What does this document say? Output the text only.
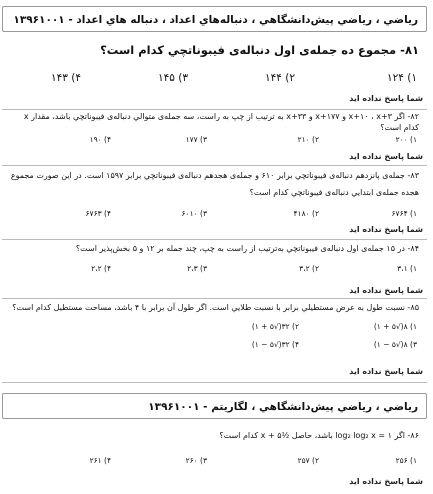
رياضي ، رياضي پيش‌دانشگاهي ، دنباله‌هاي اعداد ، دنباله هاي اعداد - ۱۳۹۶۱۰۰۱
۸۱- مجموع ده جمله‌ی اول دنباله‌ی فيبوناتچي کدام است؟
۱) ۱۲۴
۲) ۱۴۴
۳) ۱۴۵
۴) ۱۴۳
شما پاسخ نداده ايد
۸۲- اگر x+۱۰ ، x+۳ و x+۱۷۷ و x+۳۳ به ترتيب از چپ به راست، سه جمله‌ی متوالي دنباله‌ی فيبوناتچي باشد، مقدار x کدام است؟
۱) ۲۰۰
۲) ۲۱۰
۳) ۱۷۷
۴) ۱۹۰
شما پاسخ نداده ايد
۸۳- جمله‌ی پانزدهم دنباله‌ی فيبوناتچي برابر ۶۱۰ و جمله‌ی هجدهم دنباله‌ی فيبوناتچي برابر ۱۵۹۷ است. در اين صورت مجموع
هجده جمله‌ی ابتدايي دنباله‌ی فيبوناتچي کدام است؟
۱) ۶۷۶۴
۲) ۴۱۸۰
۳) ۶۰۱۰
۴) ۶۷۶۳
شما پاسخ نداده ايد
۸۴- در ۱۵ جمله‌ی اول دنباله‌ی فيبوناتچي به‌ترتيب از راست به چپ، چند جمله بر ۱۲ و ۵ بخش‌پذير است؟
۱) ۳،۱
۲) ۳،۲
۳) ۲،۳
۴) ۲،۲
شما پاسخ نداده ايد
۸۵- نسبت طول به عرض مستطيلي برابر با نسبت طلايي است. اگر طول آن برابر با ۴ باشد، مساحت مستطيل کدام است؟
۱) ۸(√۵ + ۱)
۲) ۳۲(√۵ + ۱)
۳) ۸(√۵ − ۱)
۴) ۳۲(√۵ − ۱)
شما پاسخ نداده ايد
رياضي ، رياضي پيش‌دانشگاهي ، لگاريتم - ۱۳۹۶۱۰۰۱
۸۶- اگر log₂ log₂ x = ۱ باشد، حاصل ½x + ۵ کدام است؟
۱) ۲۵۶
۲) ۲۵۷
۳) ۲۶۰
۴) ۲۶۱
شما پاسخ نداده ايد
